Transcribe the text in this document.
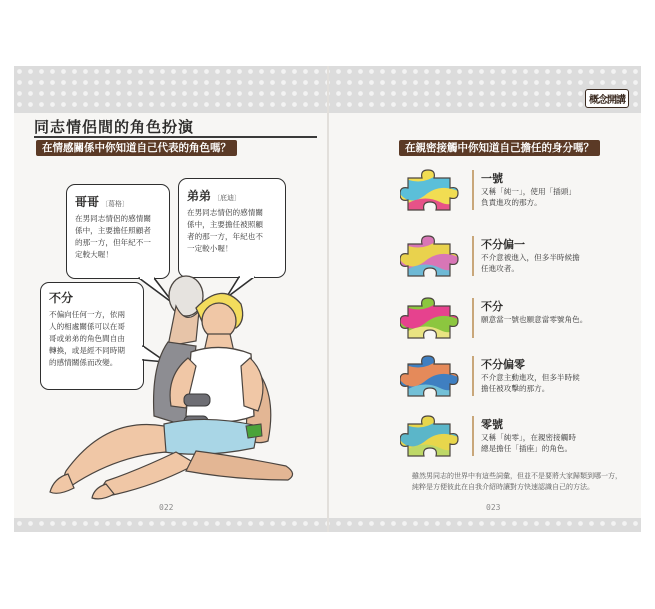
概念開講
同志情侶間的角色扮演
在情感關係中你知道自己代表的角色嗎？
哥哥 〔葛格〕
在男同志情侶的感情關
係中，主要擔任照顧者
的那一方，但年紀不一
定較大喔！
弟弟 〔底迪〕
在男同志情侶的感情關
係中，主要擔任被照顧
者的那一方，年紀也不
一定較小喔！
不分
不偏向任何一方，依兩
人的相處關係可以在哥
哥或弟弟的角色間自由
轉換，或是經不同時期
的感情關係而改變。
022
在親密接觸中你知道自己擔任的身分嗎？
一號
又稱「純一」，使用「插頭」
負責進攻的那方。
不分偏一
不介意被進入，但多半時候擔
任進攻者。
不分
願意當一號也願意當零號角色。
不分偏零
不介意主動進攻，但多半時候
擔任被攻擊的那方。
零號
又稱「純零」，在親密接觸時
總是擔任「插座」的角色。
雖然男同志的世界中有這些詞彙，但並不是要將大家歸類到哪一方，
純粹是方便彼此在自我介紹時讓對方快速認識自己的方法。
023
